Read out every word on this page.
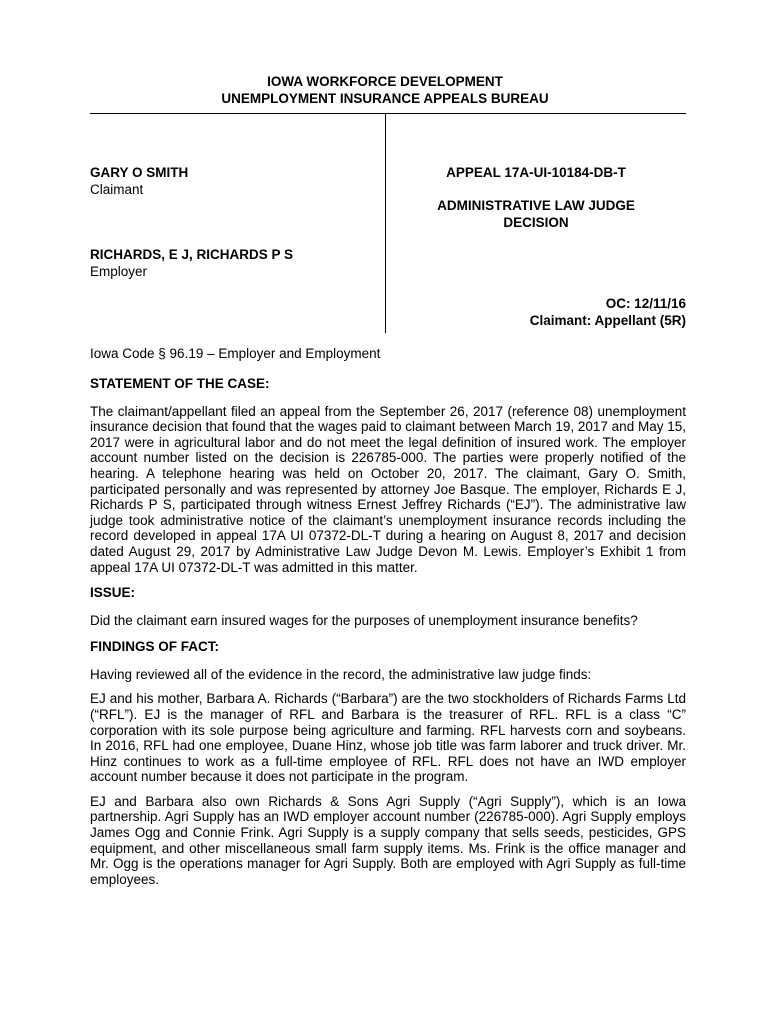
IOWA WORKFORCE DEVELOPMENT
UNEMPLOYMENT INSURANCE APPEALS BUREAU
GARY O SMITH
Claimant
RICHARDS, E J, RICHARDS P S
Employer
APPEAL 17A-UI-10184-DB-T
ADMINISTRATIVE LAW JUDGE
DECISION
OC: 12/11/16
Claimant: Appellant (5R)

Iowa Code § 96.19 – Employer and Employment

STATEMENT OF THE CASE:

The claimant/appellant filed an appeal from the September 26, 2017 (reference 08) unemployment insurance decision that found that the wages paid to claimant between March 19, 2017 and May 15, 2017 were in agricultural labor and do not meet the legal definition of insured work. The employer account number listed on the decision is 226785-000. The parties were properly notified of the hearing. A telephone hearing was held on October 20, 2017. The claimant, Gary O. Smith, participated personally and was represented by attorney Joe Basque. The employer, Richards E J, Richards P S, participated through witness Ernest Jeffrey Richards (“EJ”). The administrative law judge took administrative notice of the claimant’s unemployment insurance records including the record developed in appeal 17A UI 07372-DL-T during a hearing on August 8, 2017 and decision dated August 29, 2017 by Administrative Law Judge Devon M. Lewis. Employer’s Exhibit 1 from appeal 17A UI 07372-DL-T was admitted in this matter.

ISSUE:

Did the claimant earn insured wages for the purposes of unemployment insurance benefits?

FINDINGS OF FACT:

Having reviewed all of the evidence in the record, the administrative law judge finds:

EJ and his mother, Barbara A. Richards (“Barbara”) are the two stockholders of Richards Farms Ltd (“RFL”). EJ is the manager of RFL and Barbara is the treasurer of RFL. RFL is a class “C” corporation with its sole purpose being agriculture and farming. RFL harvests corn and soybeans. In 2016, RFL had one employee, Duane Hinz, whose job title was farm laborer and truck driver. Mr. Hinz continues to work as a full-time employee of RFL. RFL does not have an IWD employer account number because it does not participate in the program.

EJ and Barbara also own Richards & Sons Agri Supply (“Agri Supply”), which is an Iowa partnership. Agri Supply has an IWD employer account number (226785-000). Agri Supply employs James Ogg and Connie Frink. Agri Supply is a supply company that sells seeds, pesticides, GPS equipment, and other miscellaneous small farm supply items. Ms. Frink is the office manager and Mr. Ogg is the operations manager for Agri Supply. Both are employed with Agri Supply as full-time employees.
